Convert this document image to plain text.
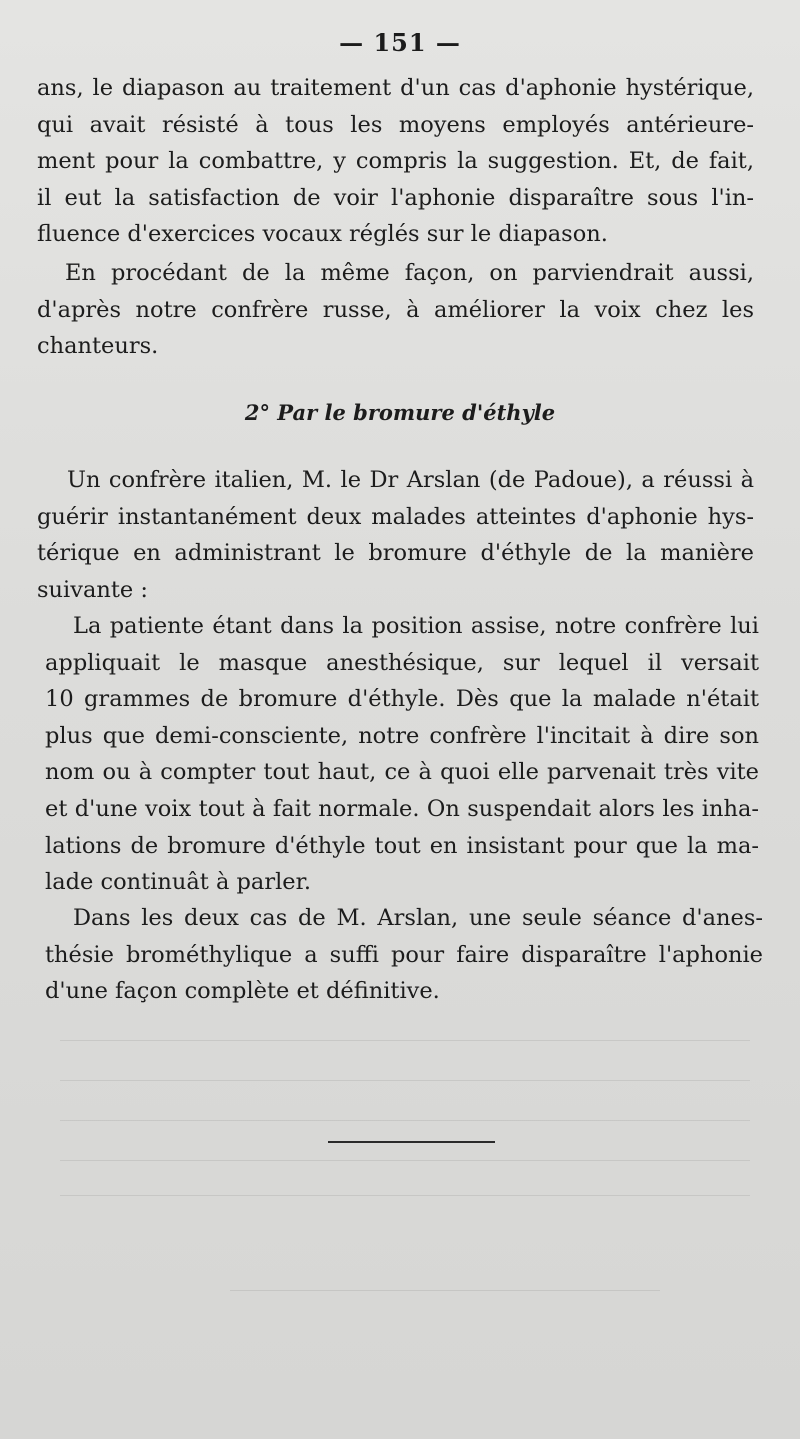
— 151 —
ans, le diapason au traitement d'un cas d'aphonie hystérique,
qui avait résisté à tous les moyens employés antérieure-
ment pour la combattre, y compris la suggestion. Et, de fait,
il eut la satisfaction de voir l'aphonie disparaître sous l'in-
fluence d'exercices vocaux réglés sur le diapason.
En procédant de la même façon, on parviendrait aussi,
d'après notre confrère russe, à améliorer la voix chez les
chanteurs.
2° Par le bromure d'éthyle
Un confrère italien, M. le Dr Arslan (de Padoue), a réussi à
guérir instantanément deux malades atteintes d'aphonie hys-
térique en administrant le bromure d'éthyle de la manière
suivante :
La patiente étant dans la position assise, notre confrère lui
appliquait le masque anesthésique, sur lequel il versait
10 grammes de bromure d'éthyle. Dès que la malade n'était
plus que demi-consciente, notre confrère l'incitait à dire son
nom ou à compter tout haut, ce à quoi elle parvenait très vite
et d'une voix tout à fait normale. On suspendait alors les inha-
lations de bromure d'éthyle tout en insistant pour que la ma-
lade continuât à parler.
Dans les deux cas de M. Arslan, une seule séance d'anes-
thésie brométhylique a suffi pour faire disparaître l'aphonie
d'une façon complète et définitive.
